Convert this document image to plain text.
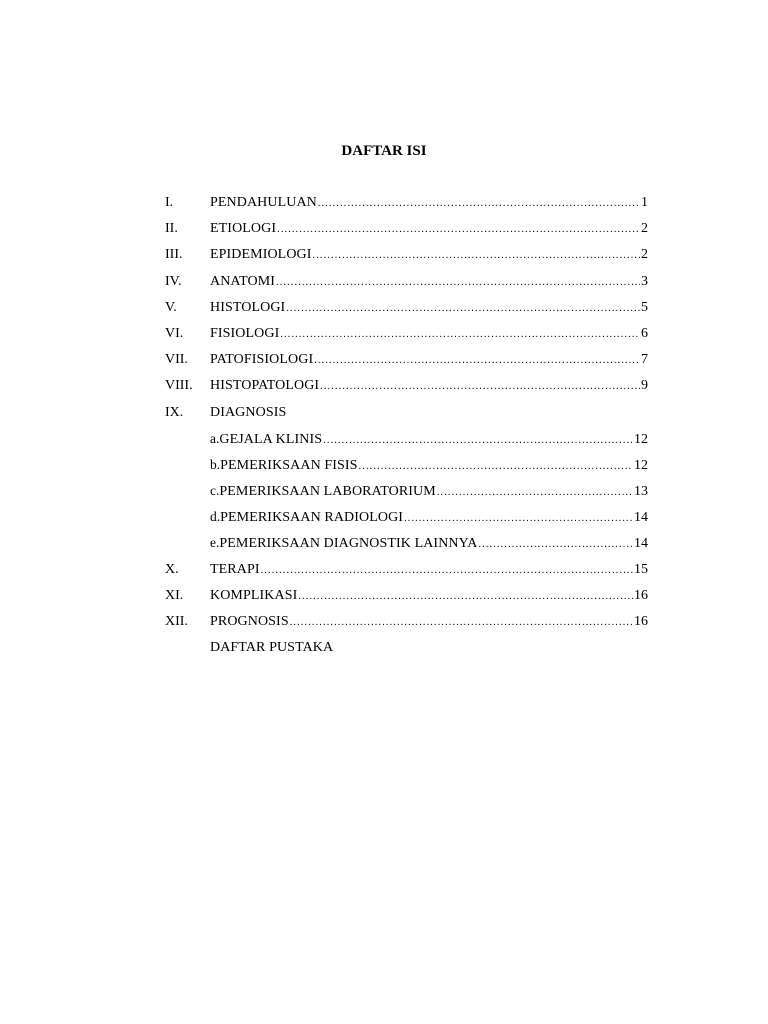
DAFTAR ISI
I.	PENDAHULUAN .....	1
II. ETIOLOGI .....	2
III. EPIDEMIOLOGI .....	2
IV. ANATOMI .....	3
V. HISTOLOGI .....	5
VI. FISIOLOGI .....	6
VII. PATOFISIOLOGI .....	7
VIII. HISTOPATOLOGI .....	9
IX. DIAGNOSIS
a. GEJALA KLINIS .....	12
b. PEMERIKSAAN FISIS .....	12
c. PEMERIKSAAN LABORATORIUM .....	13
d. PEMERIKSAAN RADIOLOGI .....	14
e. PEMERIKSAAN DIAGNOSTIK LAINNYA .....	14
X. TERAPI .....	15
XI. KOMPLIKASI .....	16
XII. PROGNOSIS .....	16
DAFTAR PUSTAKA
